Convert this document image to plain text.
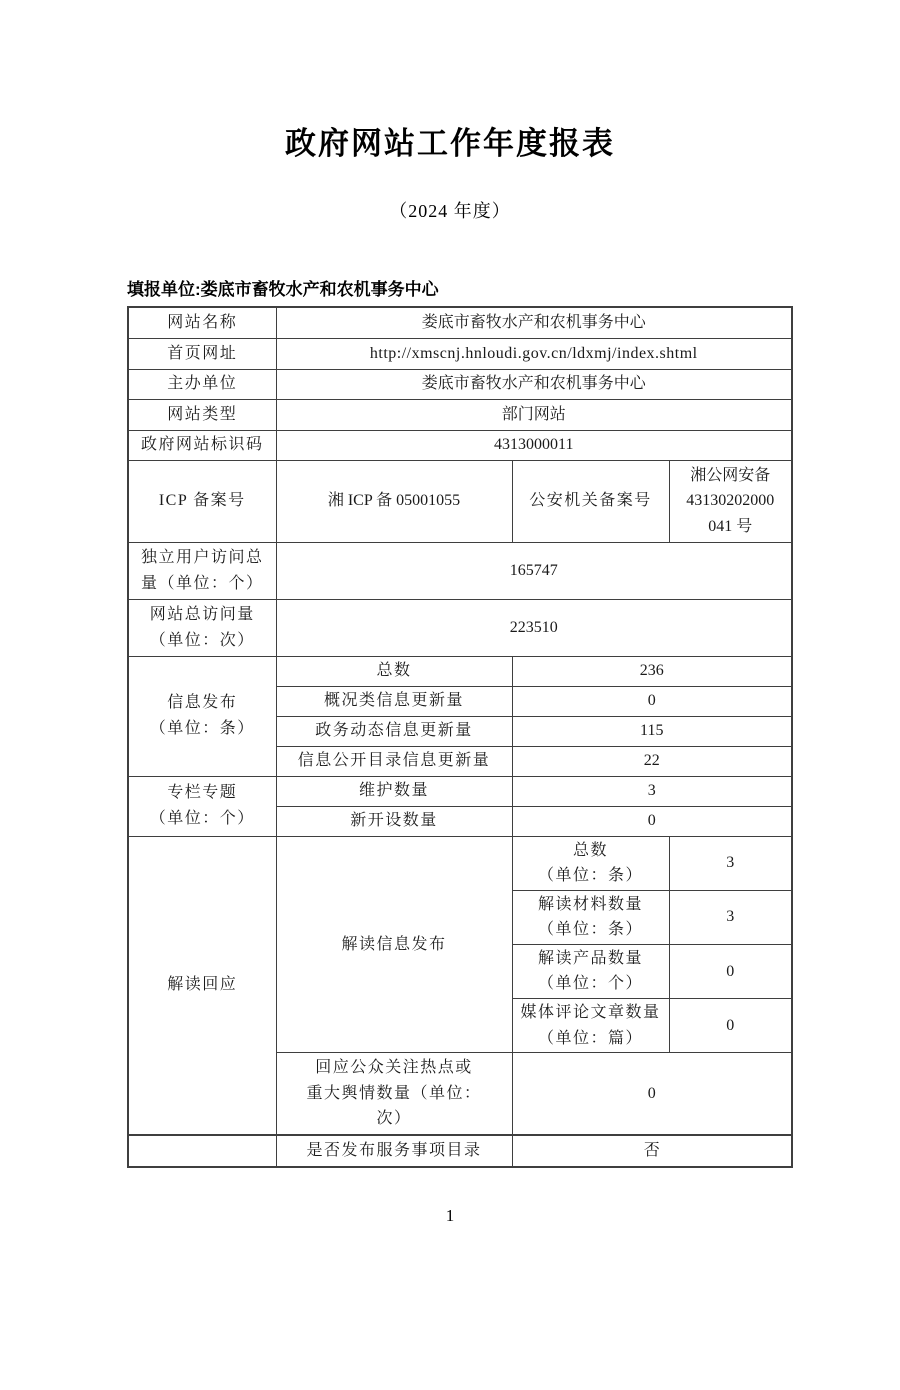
政府网站工作年度报表
（2024 年度）
填报单位:娄底市畜牧水产和农机事务中心
网站名称	娄底市畜牧水产和农机事务中心		
首页网址	http://xmscnj.hnloudi.gov.cn/ldxmj/index.shtml		
主办单位	娄底市畜牧水产和农机事务中心		
网站类型	部门网站		
政府网站标识码	4313000011		
ICP 备案号	湘 ICP 备 05001055	公安机关备案号	湘公网安备
43130202000
041 号

独立用户访问总
量（单位：个）	165747		

网站总访问量
（单位：次）	223510		

信息发布
（单位：条）	总数	236	
	概况类信息更新量	0	
	政务动态信息更新量	115	
	信息公开目录信息更新量	22	

专栏专题
（单位：个）	维护数量	3	
	新开设数量	0	
解读回应	解读信息发布	总数
（单位：条）	3

		解读材料数量
（单位：条）	3

		解读产品数量
（单位：个）	0

		媒体评论文章数量
（单位：篇）	0

	回应公众关注热点或
重大舆情数量（单位：
次）	0	
	是否发布服务事项目录	否	
1
